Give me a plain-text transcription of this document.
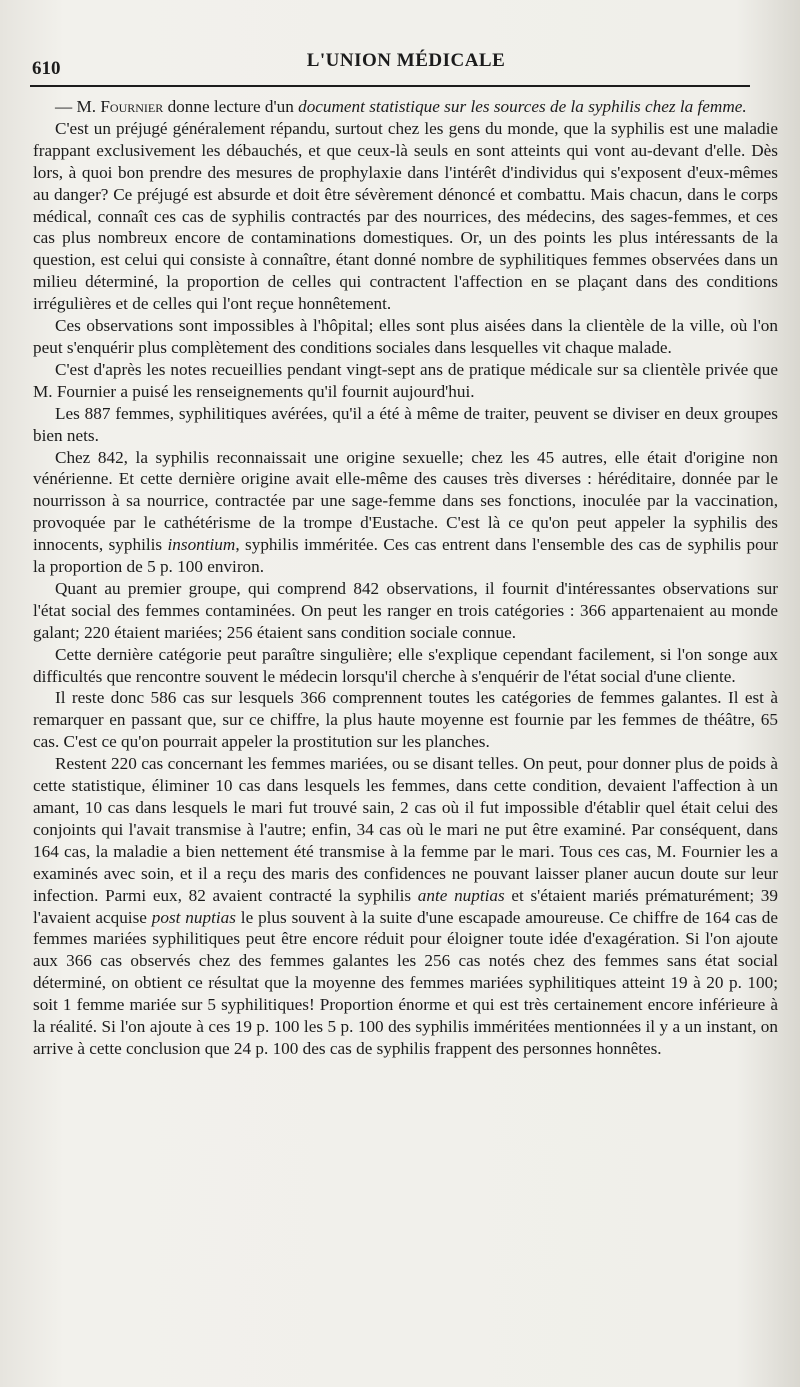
610	L'UNION MÉDICALE

— M. Fournier donne lecture d'un document statistique sur les sources de la syphilis chez la femme.

C'est un préjugé généralement répandu, surtout chez les gens du monde, que la syphilis est une maladie frappant exclusivement les débauchés, et que ceux-là seuls en sont atteints qui vont au-devant d'elle. Dès lors, à quoi bon prendre des mesures de prophylaxie dans l'intérêt d'individus qui s'exposent d'eux-mêmes au danger? Ce préjugé est absurde et doit être sévèrement dénoncé et combattu. Mais chacun, dans le corps médical, connaît ces cas de syphilis contractés par des nourrices, des médecins, des sages-femmes, et ces cas plus nombreux encore de contaminations domestiques. Or, un des points les plus intéressants de la question, est celui qui consiste à connaître, étant donné nombre de syphilitiques femmes observées dans un milieu déterminé, la proportion de celles qui contractent l'affection en se plaçant dans des conditions irrégulières et de celles qui l'ont reçue honnêtement.

Ces observations sont impossibles à l'hôpital; elles sont plus aisées dans la clientèle de la ville, où l'on peut s'enquérir plus complètement des conditions sociales dans lesquelles vit chaque malade.

C'est d'après les notes recueillies pendant vingt-sept ans de pratique médicale sur sa clientèle privée que M. Fournier a puisé les renseignements qu'il fournit aujourd'hui.

Les 887 femmes, syphilitiques avérées, qu'il a été à même de traiter, peuvent se diviser en deux groupes bien nets.

Chez 842, la syphilis reconnaissait une origine sexuelle; chez les 45 autres, elle était d'origine non vénérienne. Et cette dernière origine avait elle-même des causes très diverses : héréditaire, donnée par le nourrisson à sa nourrice, contractée par une sage-femme dans ses fonctions, inoculée par la vaccination, provoquée par le cathétérisme de la trompe d'Eustache. C'est là ce qu'on peut appeler la syphilis des innocents, syphilis insontium, syphilis imméritée. Ces cas entrent dans l'ensemble des cas de syphilis pour la proportion de 5 p. 100 environ.

Quant au premier groupe, qui comprend 842 observations, il fournit d'intéressantes observations sur l'état social des femmes contaminées. On peut les ranger en trois catégories : 366 appartenaient au monde galant; 220 étaient mariées; 256 étaient sans condition sociale connue.

Cette dernière catégorie peut paraître singulière; elle s'explique cependant facilement, si l'on songe aux difficultés que rencontre souvent le médecin lorsqu'il cherche à s'enquérir de l'état social d'une cliente.

Il reste donc 586 cas sur lesquels 366 comprennent toutes les catégories de femmes galantes. Il est à remarquer en passant que, sur ce chiffre, la plus haute moyenne est fournie par les femmes de théâtre, 65 cas. C'est ce qu'on pourrait appeler la prostitution sur les planches.

Restent 220 cas concernant les femmes mariées, ou se disant telles. On peut, pour donner plus de poids à cette statistique, éliminer 10 cas dans lesquels les femmes, dans cette condition, devaient l'affection à un amant, 10 cas dans lesquels le mari fut trouvé sain, 2 cas où il fut impossible d'établir quel était celui des conjoints qui l'avait transmise à l'autre; enfin, 34 cas où le mari ne put être examiné. Par conséquent, dans 164 cas, la maladie a bien nettement été transmise à la femme par le mari. Tous ces cas, M. Fournier les a examinés avec soin, et il a reçu des maris des confidences ne pouvant laisser planer aucun doute sur leur infection. Parmi eux, 82 avaient contracté la syphilis ante nuptias et s'étaient mariés prématurément; 39 l'avaient acquise post nuptias le plus souvent à la suite d'une escapade amoureuse. Ce chiffre de 164 cas de femmes mariées syphilitiques peut être encore réduit pour éloigner toute idée d'exagération. Si l'on ajoute aux 366 cas observés chez des femmes galantes les 256 cas notés chez des femmes sans état social déterminé, on obtient ce résultat que la moyenne des femmes mariées syphilitiques atteint 19 à 20 p. 100; soit 1 femme mariée sur 5 syphilitiques! Proportion énorme et qui est très certainement encore inférieure à la réalité. Si l'on ajoute à ces 19 p. 100 les 5 p. 100 des syphilis imméritées mentionnées il y a un instant, on arrive à cette conclusion que 24 p. 100 des cas de syphilis frappent des personnes honnêtes.
